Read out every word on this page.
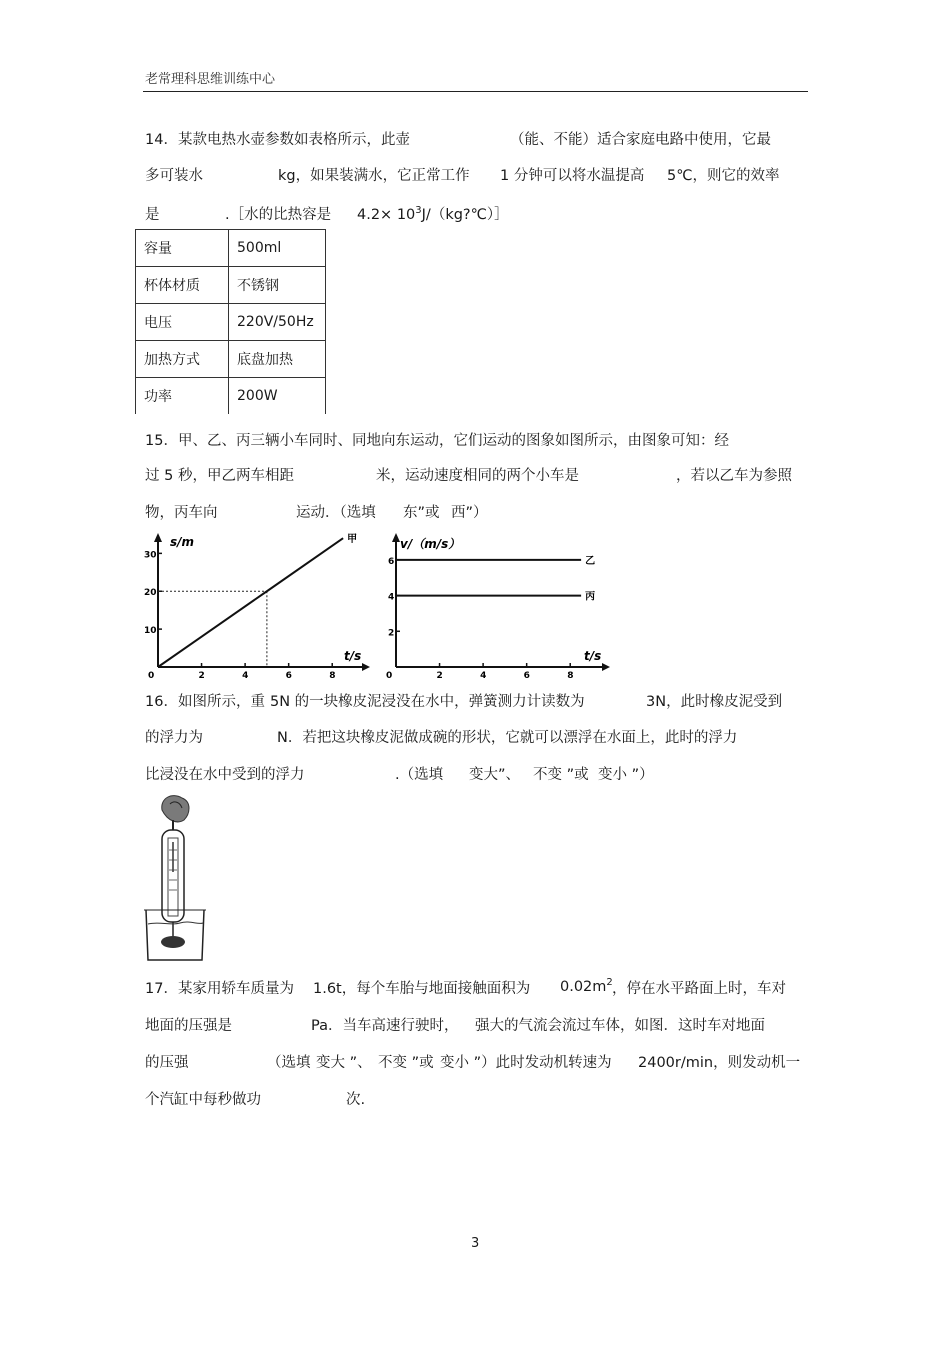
老常理科思维训练中心
14．某款电热水壶参数如表格所示，此壶	（能、不能）适合家庭电路中使用，它最
多可装水	kg，如果装满水，它正常工作 1 分钟可以将水温提高 5℃，则它的效率
是	.［水的比热容是 $4.2\times 10^3J/(kg?℃)]$
容量	500ml
杯体材质	不锈钢
电压	220V/50Hz
加热方式	底盘加热
功率	200W
15．甲、乙、丙三辆小车同时、同地向东运动，它们运动的图象如图所示，由图象可知：经
过 5 秒，甲乙两车相距	米，运动速度相同的两个小车是	，若以乙车为参照
物，丙车向	运动．（选填 东”或 西”）
s/m
t/s
0	2	4	6	8
10
20
30
甲	v/（m/s）
t/s
0	2	4	6	8
2
4
6	乙
丙
16．如图所示，重 5N 的一块橡皮泥浸没在水中，弹簧测力计读数为	3N，此时橡皮泥受到
的浮力为	N．若把这块橡皮泥做成碗的形状，它就可以漂浮在水面上，此时的浮力
比浸没在水中受到的浮力	.（选填 变大”、 不变 ”或 变小 ”）
17．某家用轿车质量为 1.6t，每个车胎与地面接触面积为 $0.02m^2$ ，停在水平路面上时，车对
地面的压强是	Pa．当车高速行驶时， 强大的气流会流过车体，如图．这时车对地面
的压强	（选填 变大 ”、 不变 ”或 变小 ”）此时发动机转速为 2400r/min，则发动机一
个汽缸中每秒做功	次.
3
